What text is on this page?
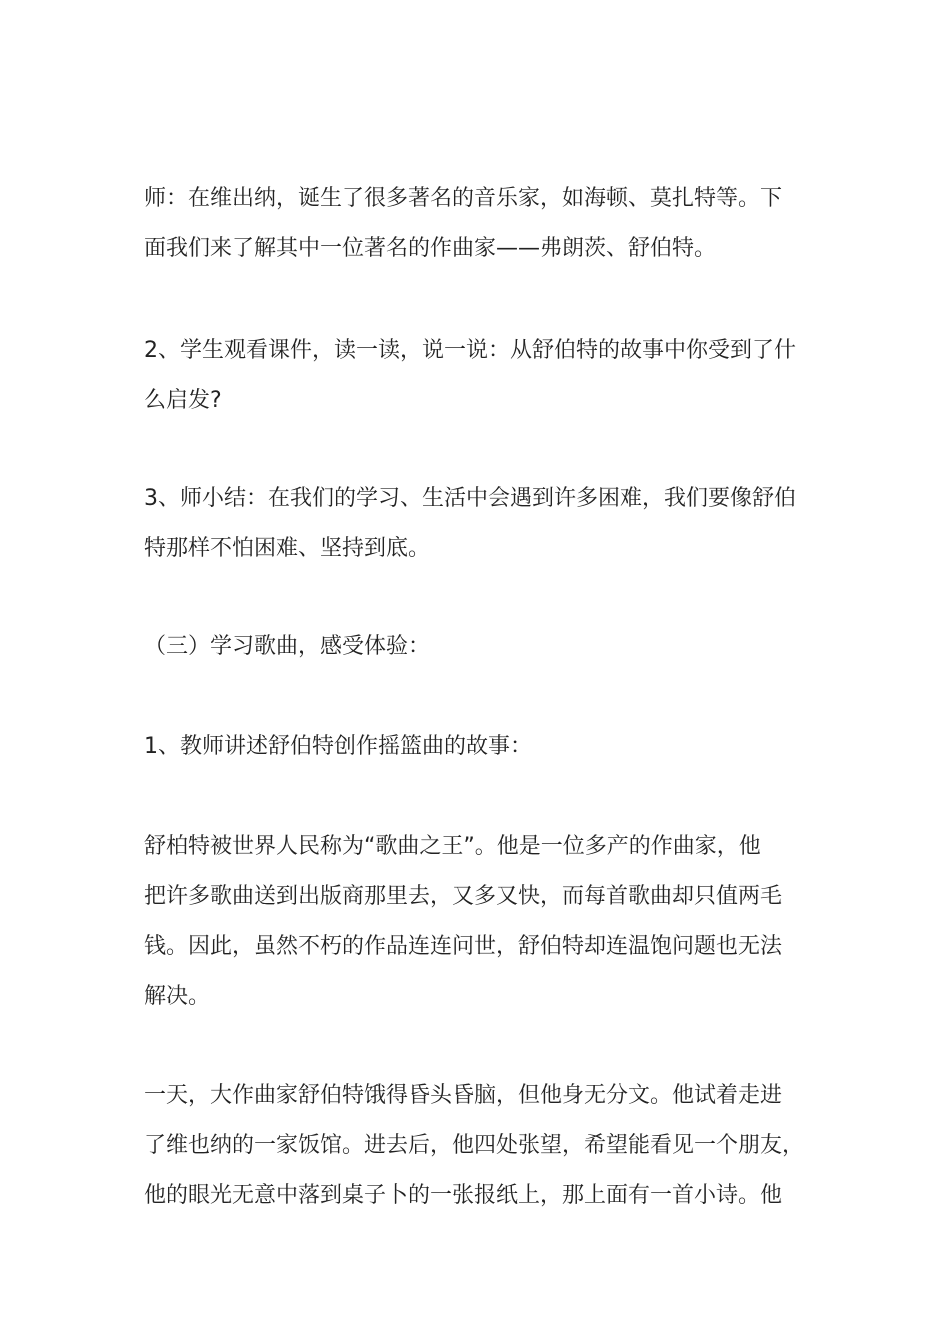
师：在维出纳，诞生了很多著名的音乐家，如海顿、莫扎特等。下
面我们来了解其中一位著名的作曲家——弗朗茨、舒伯特。

2、学生观看课件，读一读，说一说：从舒伯特的故事中你受到了什
么启发?

3、师小结：在我们的学习、生活中会遇到许多困难，我们要像舒伯
特那样不怕困难、坚持到底。

（三）学习歌曲，感受体验：

1、教师讲述舒伯特创作摇篮曲的故事：

舒柏特被世界人民称为“歌曲之王”。他是一位多产的作曲家，他
把许多歌曲送到出版商那里去，又多又快，而每首歌曲却只值两毛
钱。因此，虽然不朽的作品连连问世，舒伯特却连温饱问题也无法
解决。

一天，大作曲家舒伯特饿得昏头昏脑，但他身无分文。他试着走进
了维也纳的一家饭馆。进去后，他四处张望，希望能看见一个朋友，
他的眼光无意中落到桌子卜的一张报纸上，那上面有一首小诗。他
